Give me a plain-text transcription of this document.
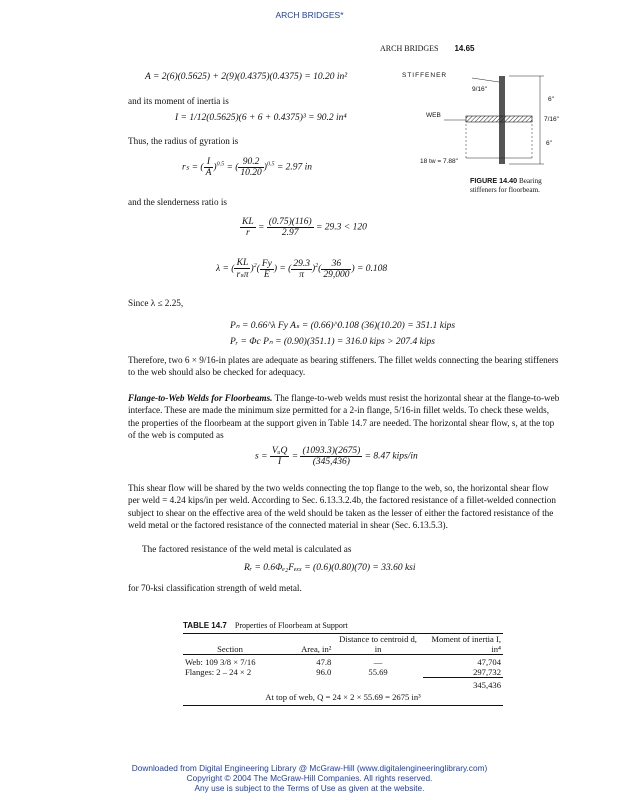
ARCH BRIDGES*
ARCH BRIDGES 14.65
A = 2(6)(0.5625) + 2(9)(0.4375)(0.4375) = 10.20 in²
and its moment of inertia is
I = 1/12(0.5625)(6 + 6 + 0.4375)³ = 90.2 in⁴
Thus, the radius of gyration is
rₛ = ( $\frac{I}{A} )^{0.5}$ = ( $\frac{90.2}{10.20} )^{0.5} = 2.97$ in
and the slenderness ratio is
$\frac{KL}{r} = \frac{(0.75)(116)}{2.97} = 29.3 < 120$
λ = ( $\frac{KL}{\text{rₛπ}} )^2( \frac{Fy}{E}$ ) = ( $\frac{29.3}{\pi} )^2( \frac{36}{29,000}$ ) = 0.108
Since λ ≤ 2.25,
Pₙ = 0.66^λ Fy Aₛ = (0.66)^0.108 (36)(10.20) = 351.1 kips
Pᵣ = Φc Pₙ = (0.90)(351.1) = 316.0 kips > 207.4 kips
Therefore, two 6 × 9/16-in plates are adequate as bearing stiffeners. The fillet welds connecting the bearing stiffeners to the web should also be checked for adequacy.
Flange-to-Web Welds for Floorbeams. The flange-to-web welds must resist the horizontal shear at the flange-to-web interface. These are made the minimum size permitted for a 2-in flange, 5/16-in fillet welds. To check these welds, the properties of the floorbeam at the support given in Table 14.7 are needed. The horizontal shear flow, s, at the top of the web is computed as
$s = \frac{\text{VᵤQ}}{I} = \frac{(1093.3)(2675)}{(345,436)} = 8.47$ kips/in
This shear flow will be shared by the two welds connecting the top flange to the web, so, the horizontal shear flow per weld = 4.24 kips/in per weld. According to Sec. 6.13.3.2.4b, the factored resistance of a fillet-welded connection subject to shear on the effective area of the weld should be taken as the lesser of either the factored resistance of the weld metal or the factored resistance of the connected material in shear (Sec. 6.13.5.3).
The factored resistance of the weld metal is calculated as
Rᵣ = 0.6Φₑ₂Fₑₓₓ = (0.6)(0.80)(70) = 33.60 ksi
for 70-ksi classification strength of weld metal.
STIFFENER
9/16"
6"
WEB
7/16"
6"
18 tw = 7.88"
FIGURE 14.40 Bearing stiffeners for floorbeam.
TABLE 14.7 Properties of Floorbeam at Support
Section	Area, in²	Distance to centroid d, in	Moment of inertia I, in⁴

Web: 109 3/8 × 7/16	47.8	—	47,704
Flanges: 2 – 24 × 2	96.0	55.69	297,732
			345,436
At top of web, Q = 24 × 2 × 55.69 = 2675 in³			
Downloaded from Digital Engineering Library @ McGraw-Hill (www.digitalengineeringlibrary.com)
Copyright © 2004 The McGraw-Hill Companies. All rights reserved.
Any use is subject to the Terms of Use as given at the website.
